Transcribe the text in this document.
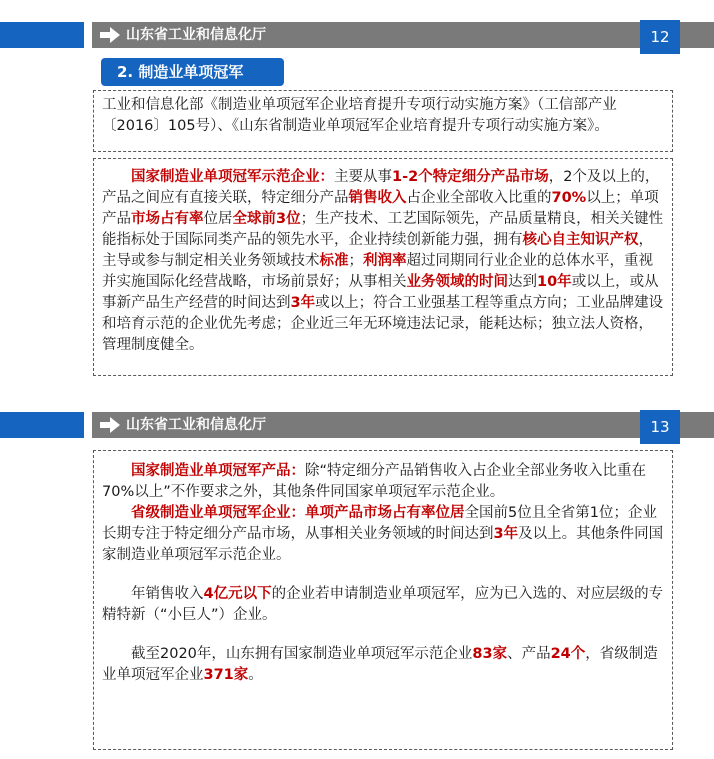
山东省工业和信息化厅	12
2. 制造业单项冠军

工业和信息化部《制造业单项冠军企业培育提升专项行动实施方案》（工信部产业〔2016〕105号）、《山东省制造业单项冠军企业培育提升专项行动实施方案》。

国家制造业单项冠军示范企业：主要从事1-2个特定细分产品市场，2个及以上的，产品之间应有直接关联，特定细分产品销售收入占企业全部收入比重的70%以上；单项产品市场占有率位居全球前3位；生产技术、工艺国际领先，产品质量精良，相关关键性能指标处于国际同类产品的领先水平，企业持续创新能力强，拥有核心自主知识产权，主导或参与制定相关业务领域技术标准；利润率超过同期同行业企业的总体水平，重视并实施国际化经营战略，市场前景好；从事相关业务领域的时间达到10年或以上，或从事新产品生产经营的时间达到3年或以上；符合工业强基工程等重点方向；工业品牌建设和培育示范的企业优先考虑；企业近三年无环境违法记录，能耗达标；独立法人资格，管理制度健全。

山东省工业和信息化厅	13

国家制造业单项冠军产品：除“特定细分产品销售收入占企业全部业务收入比重在70%以上”不作要求之外，其他条件同国家单项冠军示范企业。

省级制造业单项冠军企业：单项产品市场占有率位居全国前5位且全省第1位；企业长期专注于特定细分产品市场，从事相关业务领域的时间达到3年及以上。其他条件同国家制造业单项冠军示范企业。

年销售收入4亿元以下的企业若申请制造业单项冠军，应为已入选的、对应层级的专精特新（“小巨人”）企业。

截至2020年，山东拥有国家制造业单项冠军示范企业83家、产品24个，省级制造业单项冠军企业371家。
